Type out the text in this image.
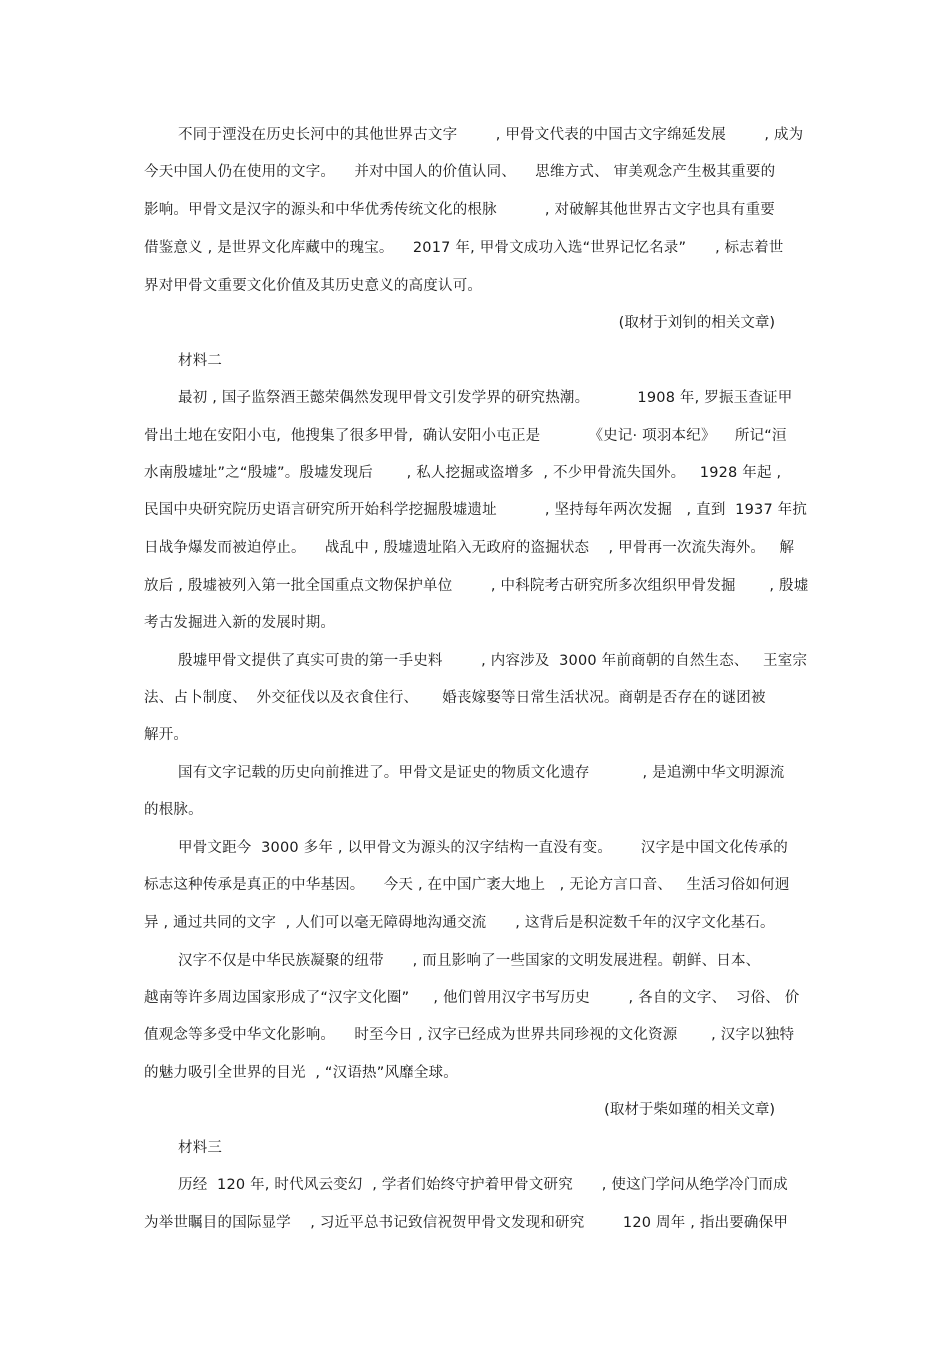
不同于湮没在历史长河中的其他世界古文字        , 甲骨文代表的中国古文字绵延发展        , 成为
今天中国人仍在使用的文字。    并对中国人的价值认同、    思维方式、 审美观念产生极其重要的
影响。甲骨文是汉字的源头和中华优秀传统文化的根脉          , 对破解其他世界古文字也具有重要
借鉴意义 , 是世界文化库藏中的瑰宝。    2017 年, 甲骨文成功入选“世界记忆名录”      , 标志着世
界对甲骨文重要文化价值及其历史意义的高度认可。
(取材于刘钊的相关文章)
材料二
最初 , 国子监祭酒王懿荣偶然发现甲骨文引发学界的研究热潮。          1908 年, 罗振玉查证甲
骨出土地在安阳小屯,  他搜集了很多甲骨,  确认安阳小屯正是          《史记· 项羽本纪》    所记“洹
水南殷墟址”之“殷墟”。殷墟发现后       , 私人挖掘或盗增多  , 不少甲骨流失国外。   1928 年起 ,
民国中央研究院历史语言研究所开始科学挖掘殷墟遗址          , 坚持每年两次发掘   , 直到  1937 年抗
日战争爆发而被迫停止。    战乱中 , 殷墟遗址陷入无政府的盗掘状态    , 甲骨再一次流失海外。   解
放后 , 殷墟被列入第一批全国重点文物保护单位        , 中科院考古研究所多次组织甲骨发掘       , 殷墟
考古发掘进入新的发展时期。
殷墟甲骨文提供了真实可贵的第一手史料        , 内容涉及  3000 年前商朝的自然生态、   王室宗
法、占卜制度、  外交征伐以及衣食住行、     婚丧嫁娶等日常生活状况。商朝是否存在的谜团被
解开。
国有文字记载的历史向前推进了。甲骨文是证史的物质文化遗存           , 是追溯中华文明源流
的根脉。
甲骨文距今  3000 多年 , 以甲骨文为源头的汉字结构一直没有变。      汉字是中国文化传承的
标志这种传承是真正的中华基因。    今天 , 在中国广袤大地上   , 无论方言口音、   生活习俗如何迥
异 , 通过共同的文字  , 人们可以毫无障碍地沟通交流      , 这背后是积淀数千年的汉字文化基石。
汉字不仅是中华民族凝聚的纽带      , 而且影响了一些国家的文明发展进程。朝鲜、日本、
越南等许多周边国家形成了“汉字文化圈”     , 他们曾用汉字书写历史        , 各自的文字、  习俗、 价
值观念等多受中华文化影响。    时至今日 , 汉字已经成为世界共同珍视的文化资源       , 汉字以独特
的魅力吸引全世界的目光  , “汉语热”风靡全球。
(取材于柴如瑾的相关文章)
材料三
历经  120 年, 时代风云变幻  , 学者们始终守护着甲骨文研究      , 使这门学问从绝学冷门而成
为举世瞩目的国际显学    , 习近平总书记致信祝贺甲骨文发现和研究        120 周年 , 指出要确保甲
